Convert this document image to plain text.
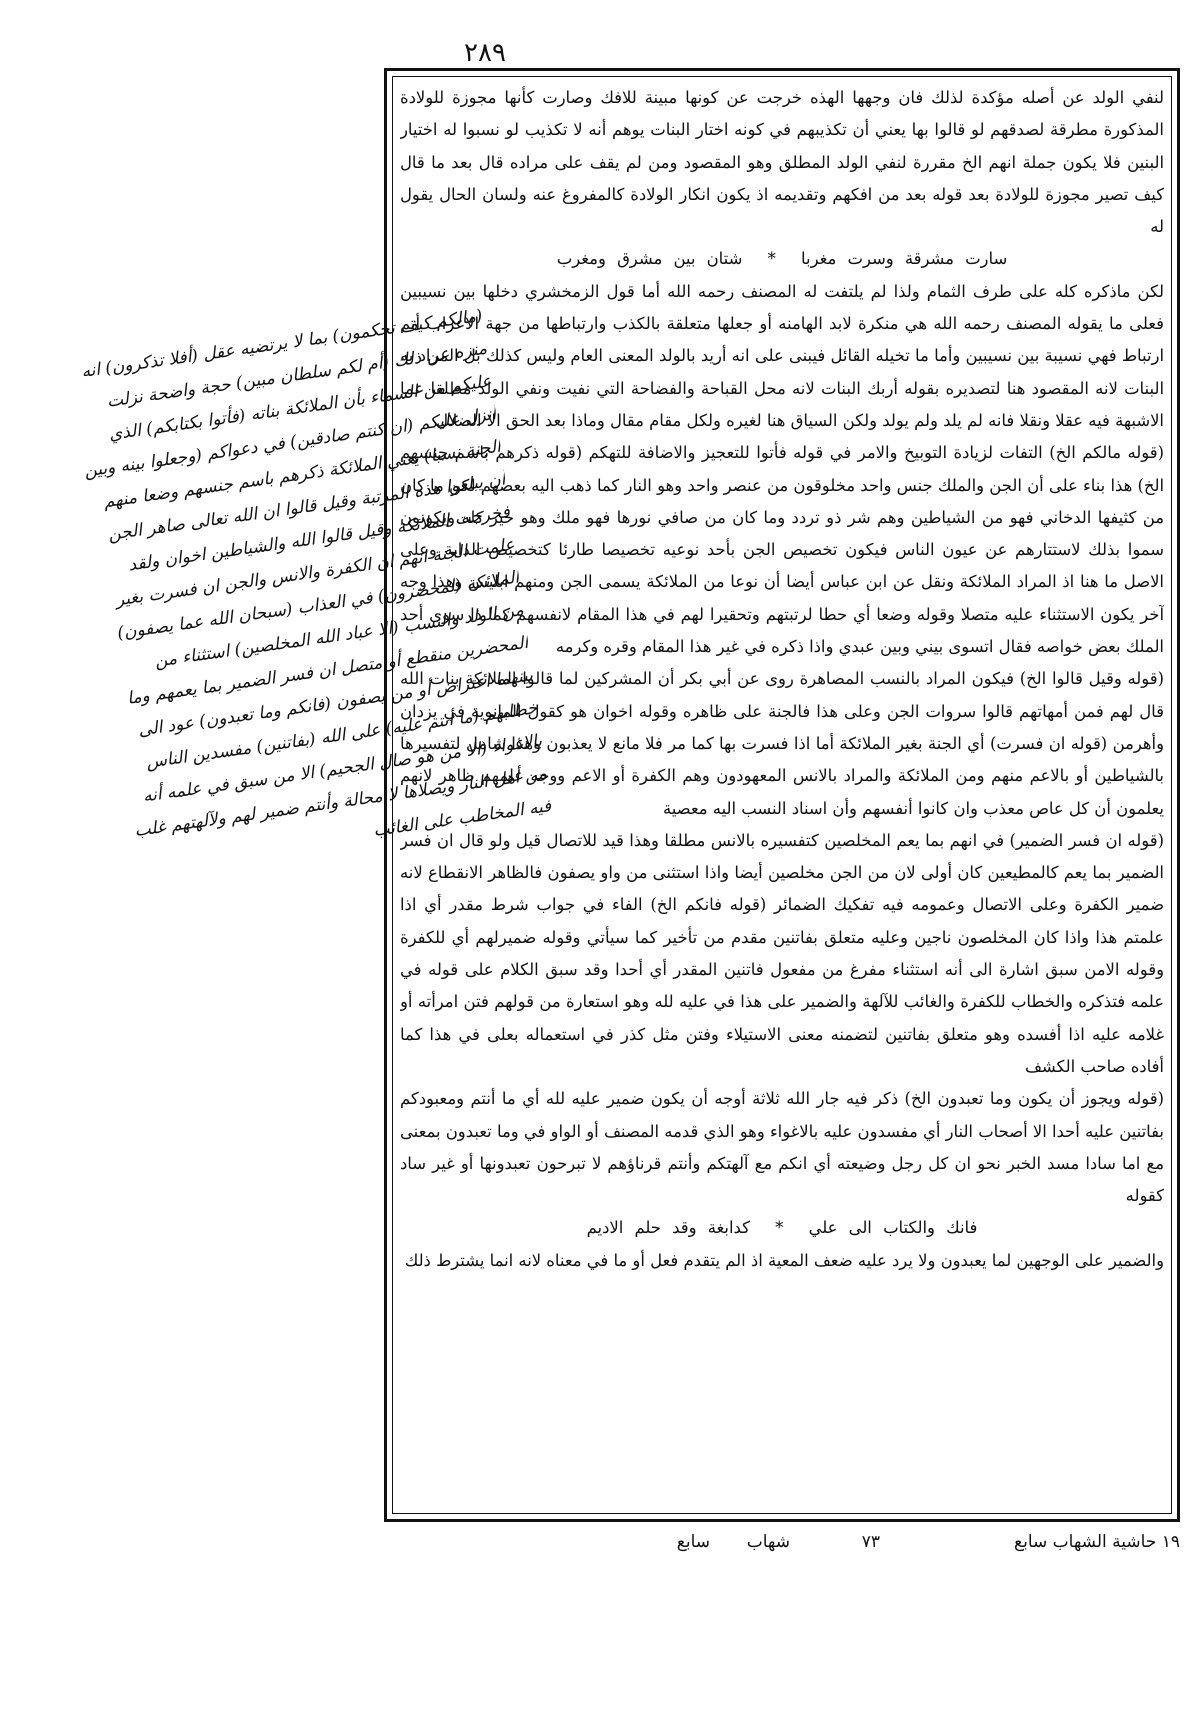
٢٨٩

لنفي الولد عن أصله مؤكدة لذلك فان وجهها الهذه خرجت عن كونها مبينة للافك وصارت كأنها مجوزة للولادة المذكورة مطرقة لصدقهم لو قالوا بها يعني أن تكذيبهم في كونه اختار البنات يوهم أنه لا تكذيب لو نسبوا له اختيار البنين فلا يكون جملة انهم الخ مقررة لنفي الولد المطلق وهو المقصود ومن لم يقف على مراده قال بعد ما قال كيف تصير مجوزة للولادة بعد قوله بعد من افكهم وتقديمه اذ يكون انكار الولادة كالمفروغ عنه ولسان الحال يقول له

سارت مشرقة وسرت مغربا * شتان بين مشرق ومغرب

لكن ماذكره كله على طرف الثمام ولذا لم يلتفت له المصنف رحمه الله أما قول الزمخشري دخلها بين نسيبين فعلى ما يقوله المصنف رحمه الله هي منكرة لابد الهامنه أو جعلها متعلقة بالكذب وارتباطها من جهة الاعراب أتم ارتباط فهي نسيبة بين نسيبين وأما ما تخيله القائل فيبنى على انه أريد بالولد المعنى العام وليس كذلك بل المراد به البنات لانه المقصود هنا لتصديره بقوله أربك البنات لانه محل القباحة والفضاحة التي نفيت ونفي الولد مطلقا عما الاشبهة فيه عقلا ونقلا فانه لم يلد ولم يولد ولكن السياق هنا لغيره ولكل مقام مقال وماذا بعد الحق الا الضلال

(قوله مالكم الخ) التفات لزيادة التوبيخ والامر في قوله فأتوا للتعجيز والاضافة للتهكم (قوله ذكرهم باسم جنسهم الخ) هذا بناء على أن الجن والملك جنس واحد مخلوقون من عنصر واحد وهو النار كما ذهب اليه بعضهم لكن ما كان من كثيفها الدخاني فهو من الشياطين وهم شر ذو تردد وما كان من صافي نورها فهو ملك وهو خير كله ويكونون سموا بذلك لاستتارهم عن عيون الناس فيكون تخصيص الجن بأحد نوعيه تخصيصا طارئا كتخصيص الدابة وعلى الاصل ما هنا اذ المراد الملائكة ونقل عن ابن عباس أيضا أن نوعا من الملائكة يسمى الجن ومنهم ابليس وهذا وجه آخر يكون الاستثناء عليه متصلا وقوله وضعا أي حطا لرتبتهم وتحقيرا لهم في هذا المقام لانفسهم كما ذا سوى أحد الملك بعض خواصه فقال اتسوى بيني وبين عبدي واذا ذكره في غير هذا المقام وقره وكرمه

(قوله وقيل قالوا الخ) فيكون المراد بالنسب المصاهرة روى عن أبي بكر أن المشركين لما قالوا الملائكة بنات الله قال لهم فمن أمهاتهم قالوا سروات الجن وعلى هذا فالجنة على ظاهره وقوله اخوان هو كقول المانوية في يزدان وأهرمن (قوله ان فسرت) أي الجنة بغير الملائكة أما اذا فسرت بها كما مر فلا مانع لا يعذبون وهذا شامل لتفسيرها بالشياطين أو بالاعم منهم ومن الملائكة والمراد بالانس المعهودون وهم الكفرة أو الاعم ووجه علمهم ظاهر لانهم يعلمون أن كل عاص معذب وان كانوا أنفسهم وأن اسناد النسب اليه معصية

(قوله ان فسر الضمير) في انهم بما يعم المخلصين كتفسيره بالانس مطلقا وهذا قيد للاتصال قيل ولو قال ان فسر الضمير بما يعم كالمطيعين كان أولى لان من الجن مخلصين أيضا واذا استثنى من واو يصفون فالظاهر الانقطاع لانه ضمير الكفرة وعلى الاتصال وعمومه فيه تفكيك الضمائر (قوله فانكم الخ) الفاء في جواب شرط مقدر أي اذا علمتم هذا واذا كان المخلصون ناجين وعليه متعلق بفاتنين مقدم من تأخير كما سيأتي وقوله ضميرلهم أي للكفرة وقوله الامن سبق اشارة الى أنه استثناء مفرغ من مفعول فاتنين المقدر أي أحدا وقد سبق الكلام على قوله في علمه فتذكره والخطاب للكفرة والغائب للآلهة والضمير على هذا في عليه لله وهو استعارة من قولهم فتن امرأته أو غلامه عليه اذا أفسده وهو متعلق بفاتنين لتضمنه معنى الاستيلاء وفتن مثل كذر في استعماله بعلى في هذا كما أفاده صاحب الكشف

(قوله ويجوز أن يكون وما تعبدون الخ) ذكر فيه جار الله ثلاثة أوجه أن يكون ضمير عليه لله أي ما أنتم ومعبودكم بفاتنين عليه أحدا الا أصحاب النار أي مفسدون عليه بالاغواء وهو الذي قدمه المصنف أو الواو في وما تعبدون بمعنى مع اما سادا مسد الخبر نحو ان كل رجل وضيعته أي انكم مع آلهتكم وأنتم قرناؤهم لا تبرحون تعبدونها أو غير ساد كقوله

فانك والكتاب الى علي * كدابغة وقد حلم الاديم

والضمير على الوجهين لما يعبدون ولا يرد عليه ضعف المعية اذ الم يتقدم فعل أو ما في معناه لانه انما يشترط ذلك

(مالكم كيف تحكمون) بما لا يرتضيه عقل (أفلا تذكرون) انه منزه عن ذلك (أم لكم سلطان مبين) حجة واضحة نزلت عليكم من السماء بأن الملائكة بناته (فأتوا بكتابكم) الذي أنزل عليكم (ان كنتم صادقين) في دعواكم (وجعلوا بينه وبين الجنة نسبا) يعني الملائكة ذكرهم باسم جنسهم وضعا منهم أن يبلغوا هذه المرتبة وقيل قالوا ان الله تعالى صاهر الجن فخرجت الملائكة وقيل قالوا الله والشياطين اخوان ولقد علمت الجنة انهم ان الكفرة والانس والجن ان فسرت بغير الملائكة (لمحضرون) في العذاب (سبحان الله عما يصفون) من الولد والنسب (الا عباد الله المخلصين) استثناء من المحضرين منقطع أو متصل ان فسر الضمير بما يعمهم وما بينهما اعتراض أو من يصفون (فانكم وما تعبدون) عود الى خطابهم (ما أنتم عليه) على الله (بفاتنين) مفسدين الناس بالاغواء (الا من هو صال الجحيم) الا من سبق في علمه أنه من أهل النار ويصلاها لا محالة وأنتم ضمير لهم ولآلهتهم غلب فيه المخاطب على الغائب

١٩ حاشية الشهاب سابع
٧٣
شهاب
سابع
